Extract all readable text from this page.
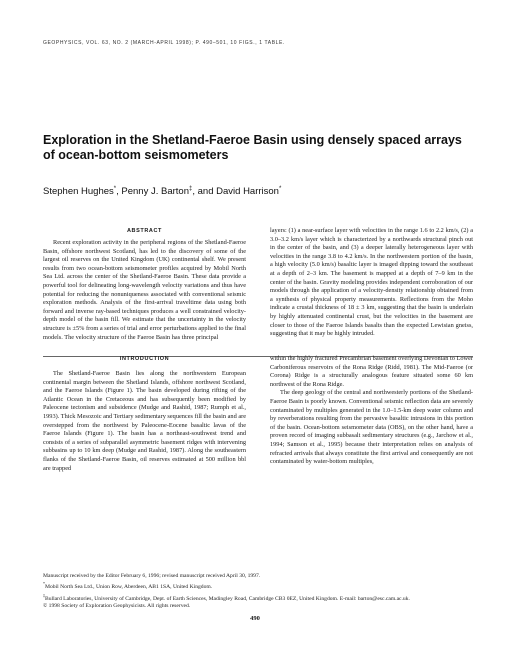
GEOPHYSICS, VOL. 63, NO. 2 (MARCH-APRIL 1998); P. 490–501, 10 FIGS., 1 TABLE.
Exploration in the Shetland-Faeroe Basin using densely spaced arrays of ocean-bottom seismometers
Stephen Hughes*, Penny J. Barton‡, and David Harrison*
ABSTRACT

Recent exploration activity in the peripheral regions of the Shetland-Faeroe Basin, offshore northwest Scotland, has led to the discovery of some of the largest oil reserves on the United Kingdom (UK) continental shelf. We present results from two ocean-bottom seismometer profiles acquired by Mobil North Sea Ltd. across the center of the Shetland-Faeroe Basin. These data provide a powerful tool for delineating long-wavelength velocity variations and thus have potential for reducing the nonuniqueness associated with conventional seismic exploration methods. Analysis of the first-arrival traveltime data using both forward and inverse ray-based techniques produces a well constrained velocity-depth model of the basin fill. We estimate that the uncertainty in the velocity structure is ±5% from a series of trial and error perturbations applied to the final models. The velocity structure of the Faeroe Basin has three principal

layers: (1) a near-surface layer with velocities in the range 1.6 to 2.2 km/s, (2) a 3.0–3.2 km/s layer which is characterized by a northwards structural pinch out in the center of the basin, and (3) a deeper laterally heterogeneous layer with velocities in the range 3.8 to 4.2 km/s. In the northwestern portion of the basin, a high velocity (5.0 km/s) basaltic layer is imaged dipping toward the southeast at a depth of 2–3 km. The basement is mapped at a depth of 7–9 km in the center of the basin. Gravity modeling provides independent corroboration of our models through the application of a velocity-density relationship obtained from a synthesis of physical property measurements. Reflections from the Moho indicate a crustal thickness of 18 ± 3 km, suggesting that the basin is underlain by highly attenuated continental crust, but the velocities in the basement are closer to those of the Faeroe Islands basalts than the expected Lewisian gneiss, suggesting that it may be highly intruded.

INTRODUCTION

The Shetland-Faeroe Basin lies along the northwestern European continental margin between the Shetland Islands, offshore northwest Scotland, and the Faeroe Islands (Figure 1). The basin developed during rifting of the Atlantic Ocean in the Cretaceous and has subsequently been modified by Paleocene tectonism and subsidence (Mudge and Rashid, 1987; Rumph et al., 1993). Thick Mesozoic and Tertiary sedimentary sequences fill the basin and are overstepped from the northwest by Paleocene-Eocene basaltic lavas of the Faeroe Islands (Figure 1). The basin has a northeast-southwest trend and consists of a series of subparallel asymmetric basement ridges with intervening subbasins up to 10 km deep (Mudge and Rashid, 1987). Along the southeastern flanks of the Shetland-Faeroe Basin, oil reserves estimated at 500 million bbl are trapped

within the highly fractured Precambrian basement overlying Devonian to Lower Carboniferous reservoirs of the Rona Ridge (Ridd, 1981). The Mid-Faeroe (or Corona) Ridge is a structurally analogous feature situated some 60 km northwest of the Rona Ridge.

The deep geology of the central and northwesterly portions of the Shetland-Faeroe Basin is poorly known. Conventional seismic reflection data are severely contaminated by multiples generated in the 1.0–1.5-km deep water column and by reverberations resulting from the pervasive basaltic intrusions in this portion of the basin. Ocean-bottom seismometer data (OBS), on the other hand, have a proven record of imaging subbasalt sedimentary structures (e.g., Jarchow et al., 1994; Samson et al., 1995) because their interpretation relies on analysis of refracted arrivals that always constitute the first arrival and consequently are not contaminated by water-bottom multiples,

Manuscript received by the Editor February 6, 1996; revised manuscript received April 30, 1997.

*Mobil North Sea Ltd., Union Row, Aberdeen, AB1 1SA, United Kingdom.

‡Bullard Laboratories, University of Cambridge, Dept. of Earth Sciences, Madingley Road, Cambridge CB3 0EZ, United Kingdom. E-mail: barton@esc.cam.ac.uk.

© 1998 Society of Exploration Geophysicists. All rights reserved.

490
